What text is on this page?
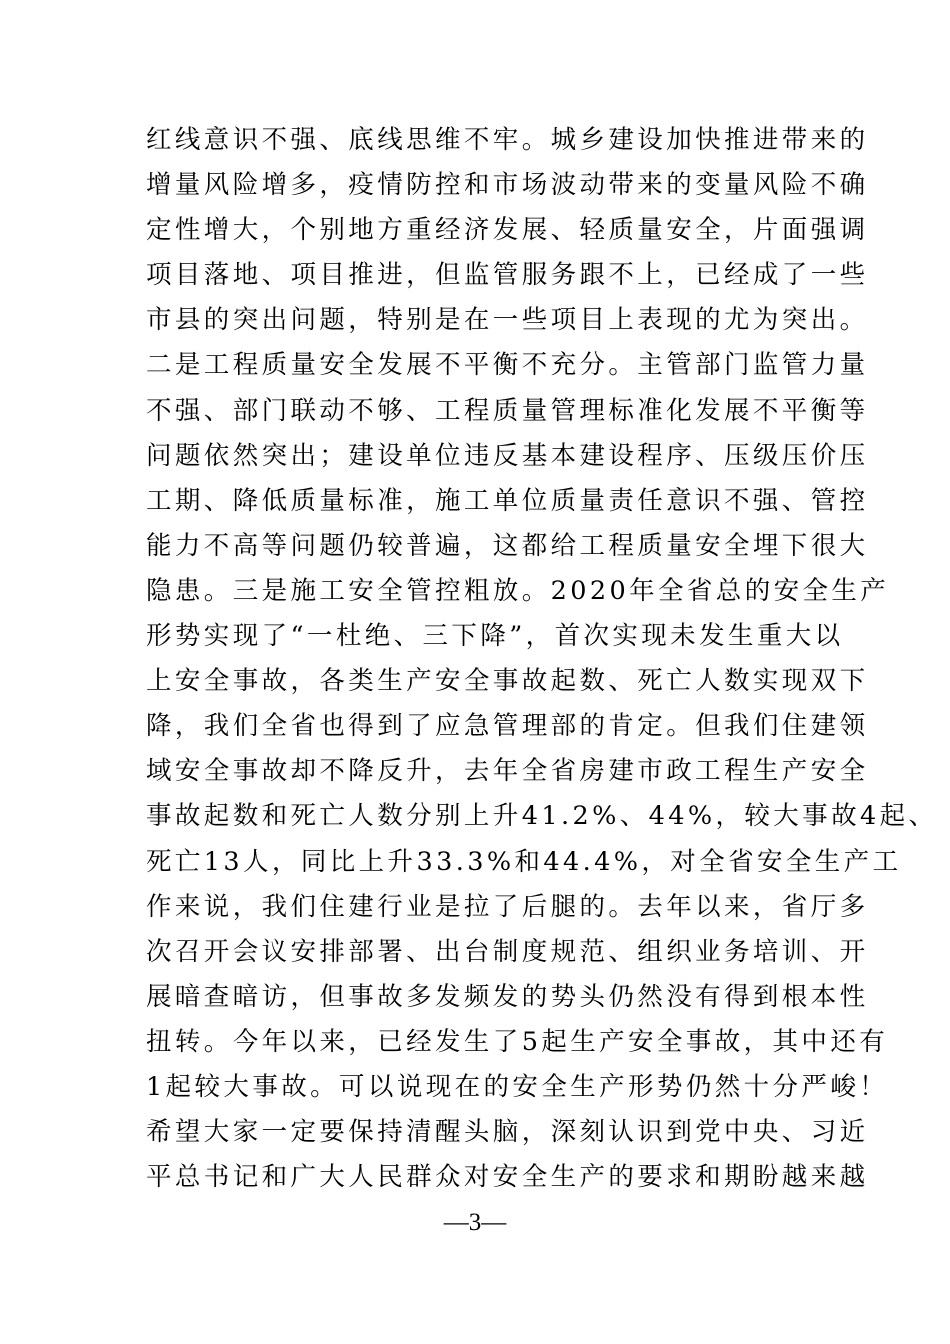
红线意识不强、底线思维不牢。城乡建设加快推进带来的
增量风险增多，疫情防控和市场波动带来的变量风险不确
定性增大，个别地方重经济发展、轻质量安全，片面强调
项目落地、项目推进，但监管服务跟不上，已经成了一些
市县的突出问题，特别是在一些项目上表现的尤为突出。
二是工程质量安全发展不平衡不充分。主管部门监管力量
不强、部门联动不够、工程质量管理标准化发展不平衡等
问题依然突出；建设单位违反基本建设程序、压级压价压
工期、降低质量标准，施工单位质量责任意识不强、管控
能力不高等问题仍较普遍，这都给工程质量安全埋下很大
隐患。三是施工安全管控粗放。2020年全省总的安全生产
形势实现了“一杜绝、三下降”，首次实现未发生重大以
上安全事故，各类生产安全事故起数、死亡人数实现双下
降，我们全省也得到了应急管理部的肯定。但我们住建领
域安全事故却不降反升，去年全省房建市政工程生产安全
事故起数和死亡人数分别上升41.2%、44%，较大事故4起、
死亡13人，同比上升33.3%和44.4%，对全省安全生产工
作来说，我们住建行业是拉了后腿的。去年以来，省厅多
次召开会议安排部署、出台制度规范、组织业务培训、开
展暗查暗访，但事故多发频发的势头仍然没有得到根本性
扭转。今年以来，已经发生了5起生产安全事故，其中还有
1起较大事故。可以说现在的安全生产形势仍然十分严峻！
希望大家一定要保持清醒头脑，深刻认识到党中央、习近
平总书记和广大人民群众对安全生产的要求和期盼越来越
—3—
